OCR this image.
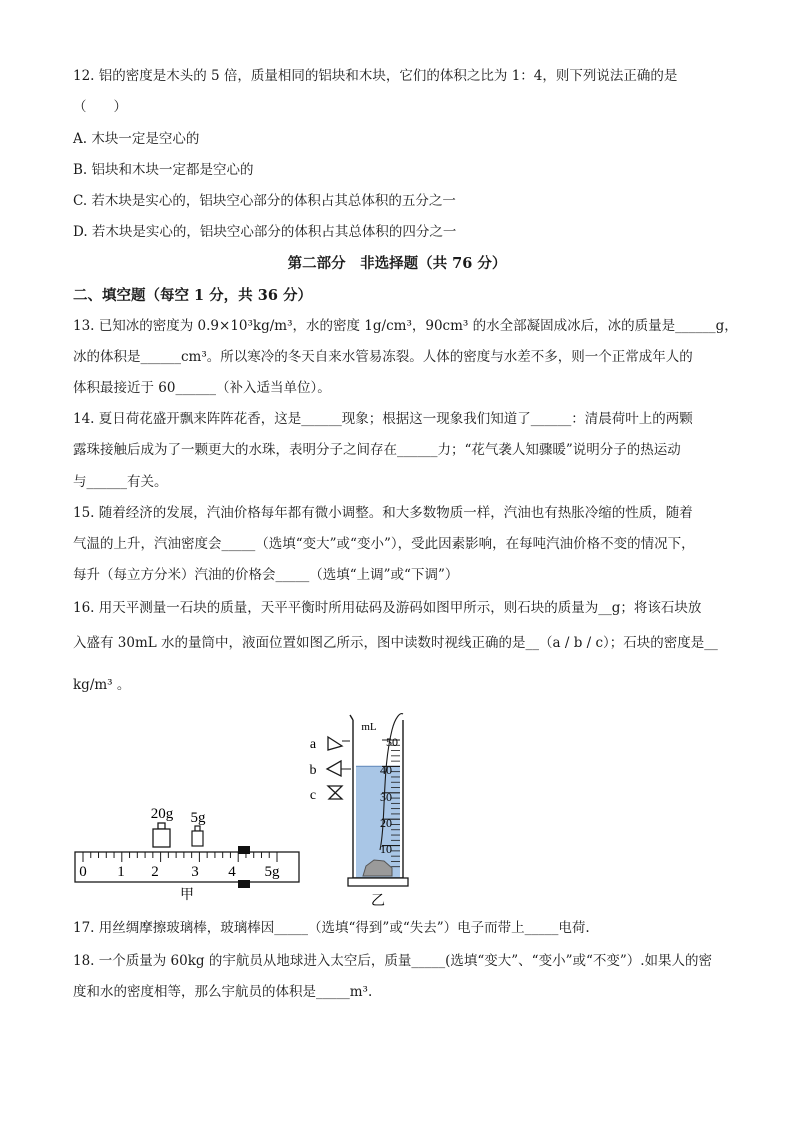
12. 铝的密度是木头的 5 倍，质量相同的铝块和木块，它们的体积之比为 1：4，则下列说法正确的是
（　　）
A. 木块一定是空心的
B. 铝块和木块一定都是空心的
C. 若木块是实心的，铝块空心部分的体积占其总体积的五分之一
D. 若木块是实心的，铝块空心部分的体积占其总体积的四分之一
第二部分　非选择题（共 76 分）
二、填空题（每空 1 分，共 36 分）
13. 已知冰的密度为 0.9×10³kg/m³，水的密度 1g/cm³，90cm³ 的水全部凝固成冰后，冰的质量是______g，
冰的体积是______cm³。所以寒冷的冬天自来水管易冻裂。人体的密度与水差不多，则一个正常成年人的
体积最接近于 60______（补入适当单位）。
14. 夏日荷花盛开飘来阵阵花香，这是______现象；根据这一现象我们知道了______：清晨荷叶上的两颗
露珠接触后成为了一颗更大的水珠，表明分子之间存在______力；“花气袭人知骤暖”说明分子的热运动
与______有关。
15. 随着经济的发展，汽油价格每年都有微小调整。和大多数物质一样，汽油也有热胀冷缩的性质，随着
气温的上升，汽油密度会_____（选填“变大”或“变小”），受此因素影响，在每吨汽油价格不变的情况下，
每升（每立方分米）汽油的价格会_____（选填“上调”或“下调”）
16. 用天平测量一石块的质量，天平平衡时所用砝码及游码如图甲所示，则石块的质量为__g；将该石块放
入盛有 30mL 水的量筒中，液面位置如图乙所示，图中读数时视线正确的是__（a / b / c）；石块的密度是__
kg/m³ 。
0 1 2 3 4 5g
20g 5g
甲
a
b
c
mL
50
40
30
20
10
乙
17. 用丝绸摩擦玻璃棒，玻璃棒因_____（选填“得到”或“失去”）电子而带上_____电荷.
18. 一个质量为 60kg 的宇航员从地球进入太空后，质量_____(选填“变大”、“变小”或“不变”）.如果人的密
度和水的密度相等，那么宇航员的体积是_____m³.
